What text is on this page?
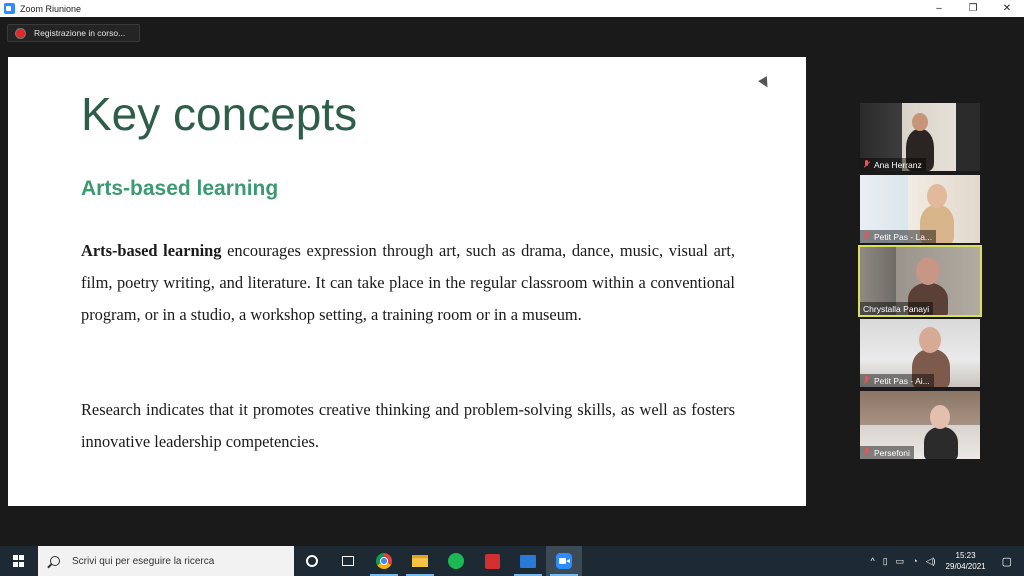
Zoom Riunione	–	❐	✕
Registrazione in corso...
Key concepts
Arts-based learning
Arts-based learning encourages expression through art, such as drama, dance, music, visual art, film, poetry writing, and literature. It can take place in the regular classroom within a conventional program, or in a studio, a workshop setting, a training room or in a museum.
Research indicates that it promotes creative thinking and problem-solving skills, as well as fosters innovative leadership competencies.
Ana Herranz
Petit Pas - La...
Chrystalla Panayi
Petit Pas - Ai...
Persefoni
Scrivi qui per eseguire la ricerca	^ ▯ ▭ ◔ ◁)	15:23
29/04/2021 ▢
